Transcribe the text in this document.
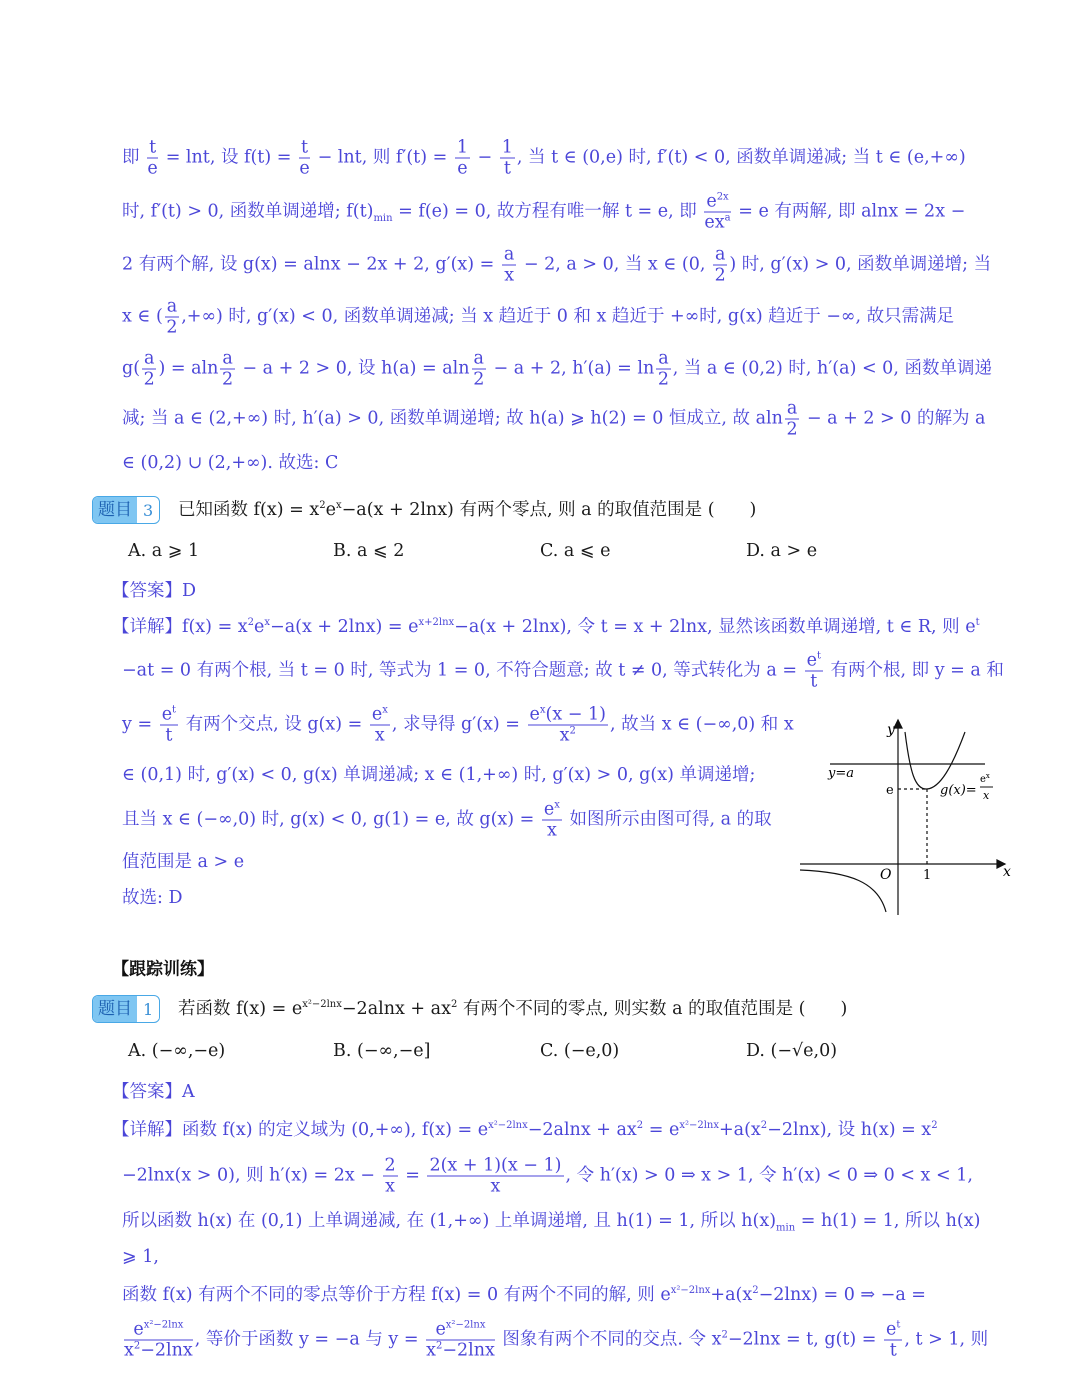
即 $\frac{t}{e} = \ln t$, 设 $f(t) = \frac{t}{e} - \ln t$, 则 $f'(t) = \frac{1}{e} - \frac{1}{t}$ , 当 t ∈ (0,e) 时, f′(t) < 0, 函数单调递减; 当 t ∈ (e,+∞)
时, f′(t) > 0, 函数单调递增; $f(t)_{min} = f(e) = 0$, 故方程有唯一解 t = e, 即 $e^{2x}$
$ex^a = e$ 有两解, 即 alnx = 2x −
2 有两个解, 设 g(x) = alnx − 2x + 2, $g'(x) = \frac{a}{x} - 2$, a > 0, 当 x ∈ (0, $\frac{a}{2}$ ) 时, g′(x) > 0, 函数单调递增; 当
x ∈ ( $\frac{a}{2}$ ,+∞) 时, g′(x) < 0, 函数单调递减; 当 x 趋近于 0 和 x 趋近于 +∞时, g(x) 趋近于 −∞, 故只需满足
$g( \frac{a}{2}$ ) = aln $\frac{a}{2} - a + 2 > 0$, 设 h(a) = aln $\frac{a}{2} - a + 2$, $h'(a) = \ln \frac{a}{2}$ , 当 a ∈ (0,2) 时, h′(a) < 0, 函数单调递
减; 当 a ∈ (2,+∞) 时, h′(a) > 0, 函数单调递增; 故 h(a) ⩾ h(2) = 0 恒成立, 故 aln $\frac{a}{2} - a + 2 > 0$ 的解为 a
∈ (0,2) ∪ (2,+∞). 故选: C
题目 3	已知函数 $f(x) = x^2e^x-a(x + 2\ln x)$ 有两个零点, 则 a 的取值范围是 (　　)
A. a ⩾ 1	B. a ⩽ 2	C. a ⩽ e	D. a > e
【答案】D
【详解】$f(x) = x^2e^x-a(x + 2\ln x) = e^{x+2lnx}-a(x + 2\ln x)$, 令 t = x + 2lnx, 显然该函数单调递增, t ∈ R, 则 $e^t$
−at = 0 有两个根, 当 t = 0 时, 等式为 1 = 0, 不符合题意; 故 t ≠ 0, 等式转化为 $a = \frac{e^t}{t}$ 有两个根, 即 y = a 和
$y = \frac{e^t}{t}$ 有两个交点, 设 $g(x) = \frac{e^x}{x}$ , 求导得 $g'(x) = \frac{e^x(x - 1)}{x^2}$ , 故当 x ∈ (−∞,0) 和 x
∈ (0,1) 时, g′(x) < 0, g(x) 单调递减; x ∈ (1,+∞) 时, g′(x) > 0, g(x) 单调递增;
且当 x ∈ (−∞,0) 时, g(x) < 0, g(1) = e, 故 $g(x) = \frac{e^x}{x}$ 如图所示由图可得, a 的取
值范围是 a > e
故选: D
y
x
O 1
e
y=a
g(x)=
$e^x$
x
【跟踪训练】
题目 1	若函数 $f(x) = e^{x^2-2lnx}-2alnx + ax^2$ 有两个不同的零点, 则实数 a 的取值范围是 (　　)
A. (−∞,−e)	B. (−∞,−e]	C. (−e,0)	D. (−√e,0)
【答案】A
【详解】函数 f(x) 的定义域为 (0,+∞), $f(x) = e^{x^2-2lnx}-2alnx + ax^2 = e^{x^2-2lnx}+a(x^2-2\ln x)$, 设 $h(x) = x^2$
−2lnx(x > 0), 则 $h'(x) = 2x - \frac{2}{x} = \frac{2(x + 1)(x - 1)}{x}$ , 令 h′(x) > 0 ⇒ x > 1, 令 h′(x) < 0 ⇒ 0 < x < 1,
所以函数 h(x) 在 (0,1) 上单调递减, 在 (1,+∞) 上单调递增, 且 h(1) = 1, 所以 $h(x)_{min} = h(1) = 1$, 所以 h(x)
⩾ 1,
函数 f(x) 有两个不同的零点等价于方程 f(x) = 0 有两个不同的解, 则 $e^{x^2-2lnx}+a(x^2-2\ln x) = 0$ ⇒ −a =
$\frac{e^{x^2-2lnx}}{x^2-2\ln x}$ , 等价于函数 y = −a 与 $y = \frac{e^{x^2-2lnx}}{x^2-2\ln x}$ 图象有两个不同的交点. 令 $x^2-2\ln x = t$, $g(t) = \frac{e^t}{t}$ , t > 1, 则
